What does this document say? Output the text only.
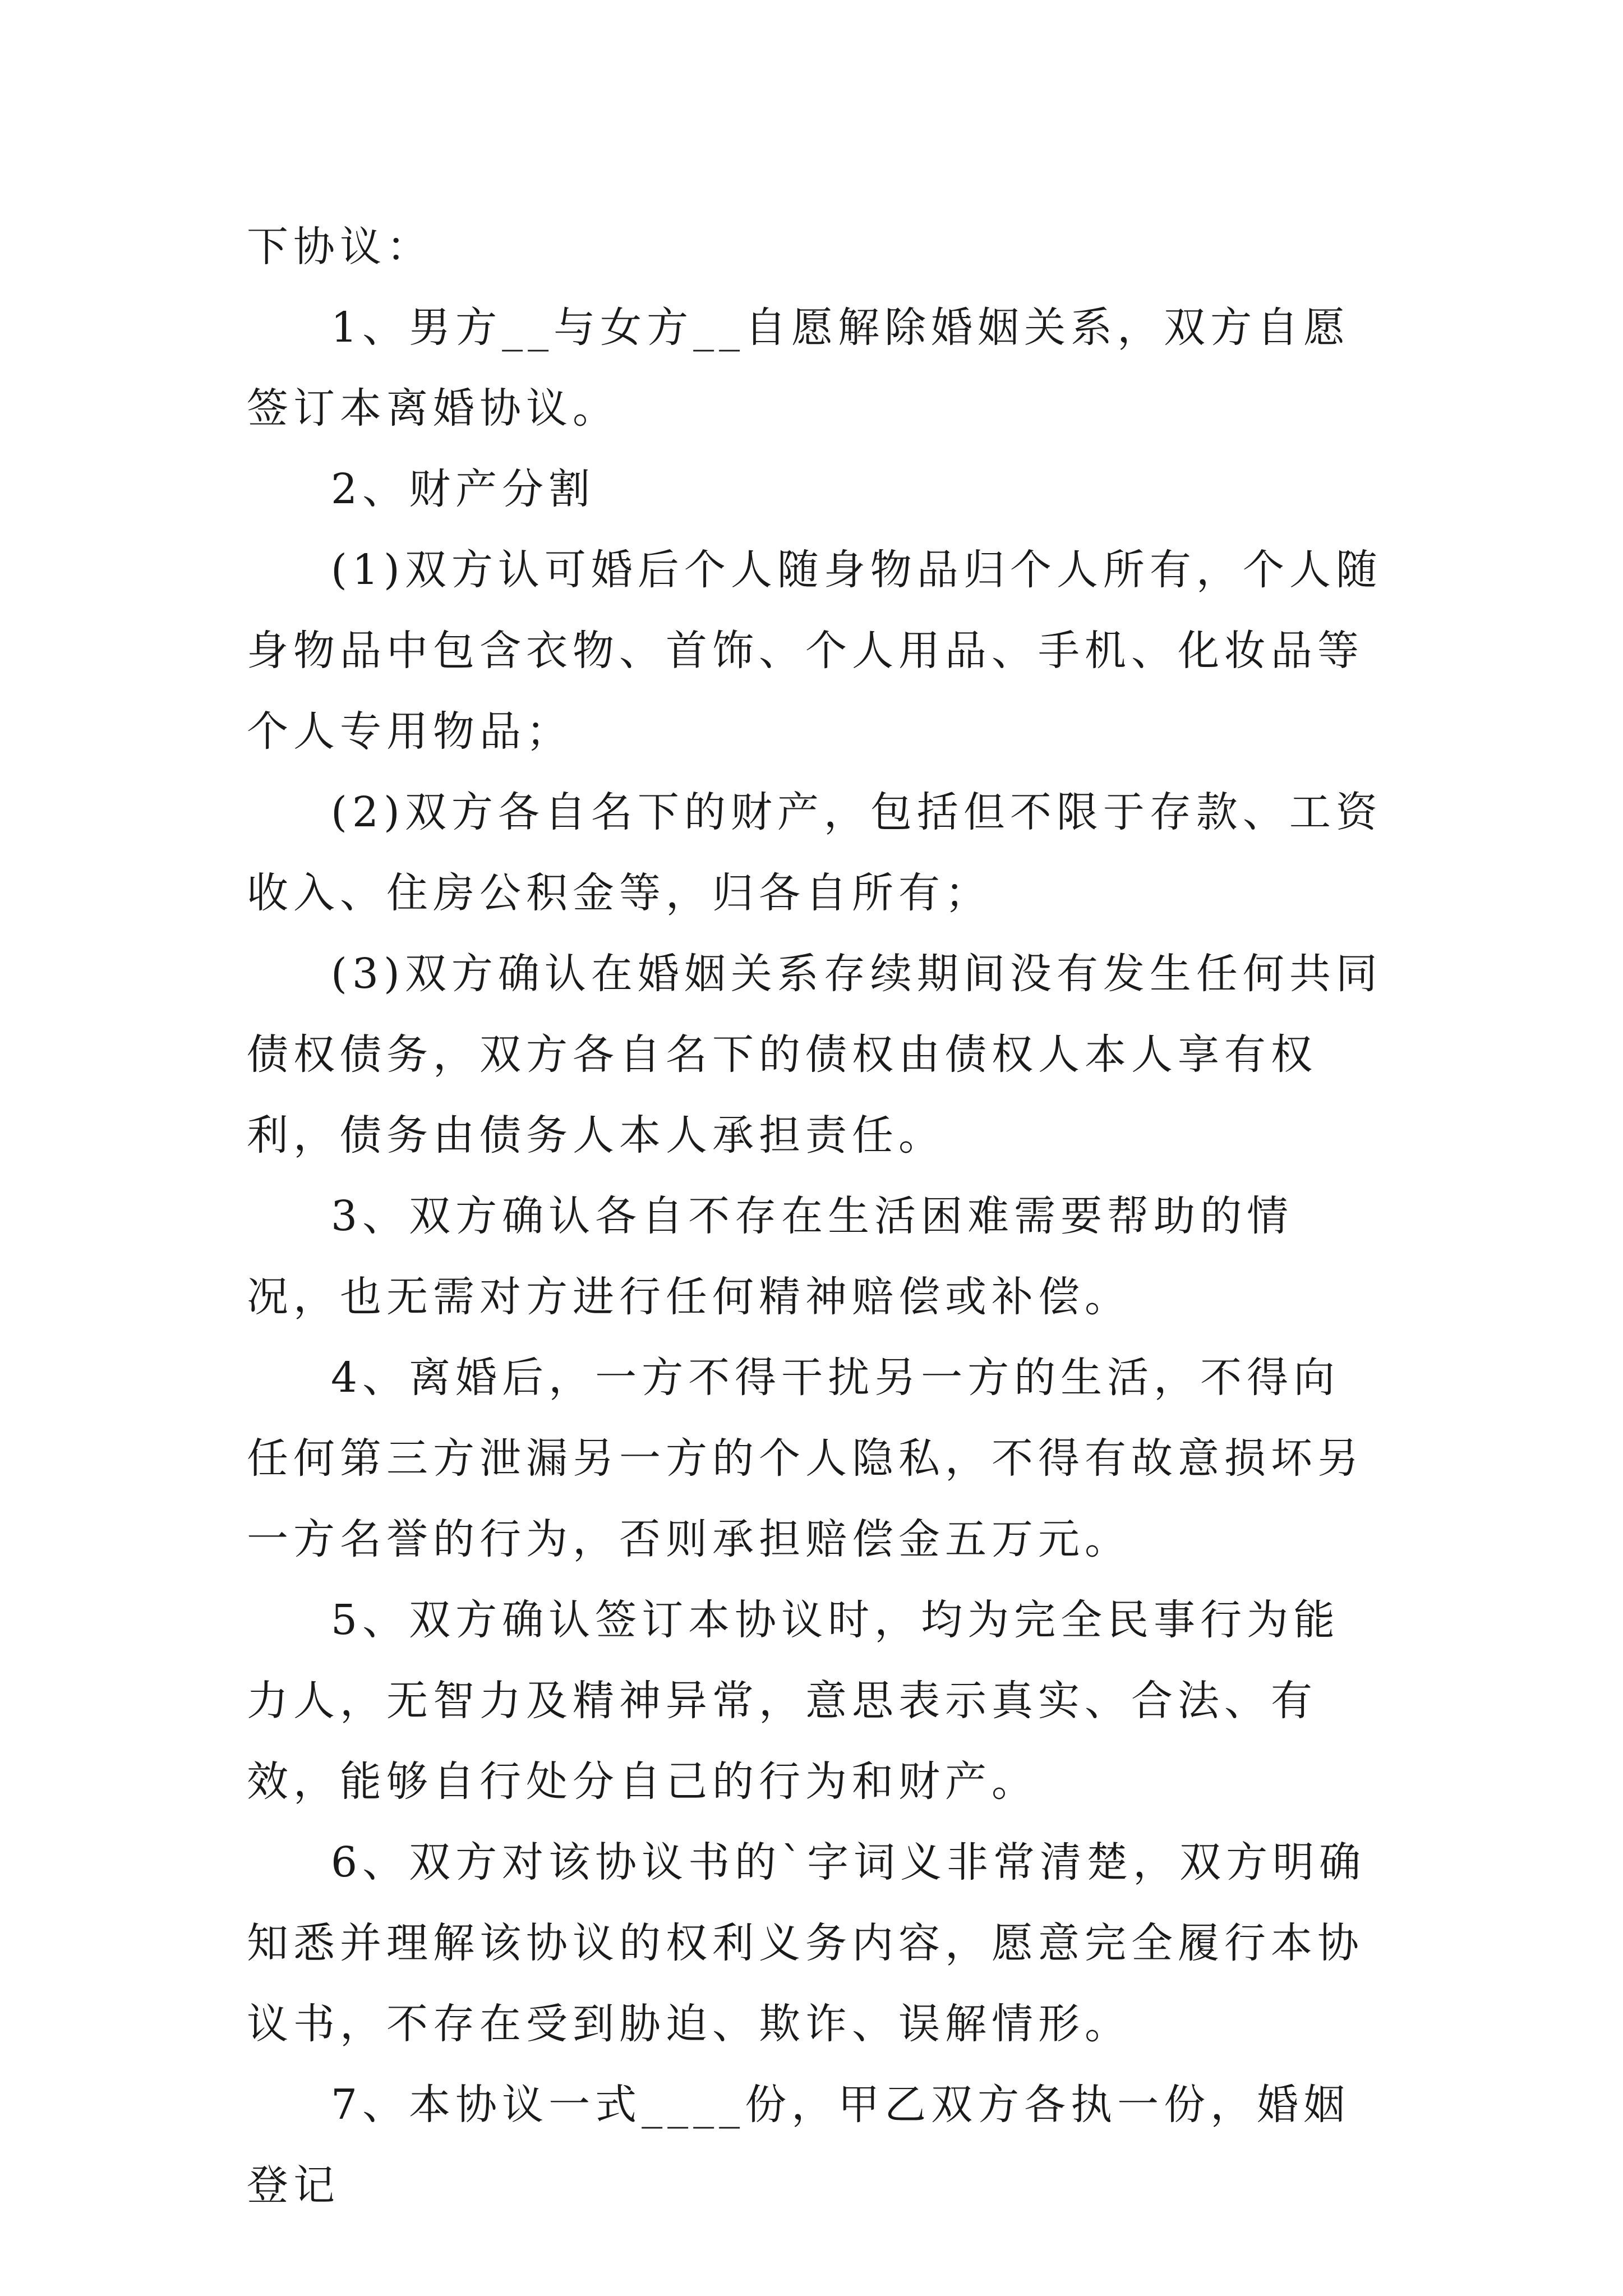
下协议：

1、男方__与女方__自愿解除婚姻关系，双方自愿签订本离婚协议。

2、财产分割

(1)双方认可婚后个人随身物品归个人所有，个人随身物品中包含衣物、首饰、个人用品、手机、化妆品等个人专用物品；

(2)双方各自名下的财产，包括但不限于存款、工资收入、住房公积金等，归各自所有；

(3)双方确认在婚姻关系存续期间没有发生任何共同债权债务，双方各自名下的债权由债权人本人享有权利，债务由债务人本人承担责任。

3、双方确认各自不存在生活困难需要帮助的情况，也无需对方进行任何精神赔偿或补偿。

4、离婚后，一方不得干扰另一方的生活，不得向任何第三方泄漏另一方的个人隐私，不得有故意损坏另一方名誉的行为，否则承担赔偿金五万元。

5、双方确认签订本协议时，均为完全民事行为能力人，无智力及精神异常，意思表示真实、合法、有效，能够自行处分自己的行为和财产。

6、双方对该协议书的`字词义非常清楚，双方明确知悉并理解该协议的权利义务内容，愿意完全履行本协议书，不存在受到胁迫、欺诈、误解情形。

7、本协议一式____份，甲乙双方各执一份，婚姻登记
